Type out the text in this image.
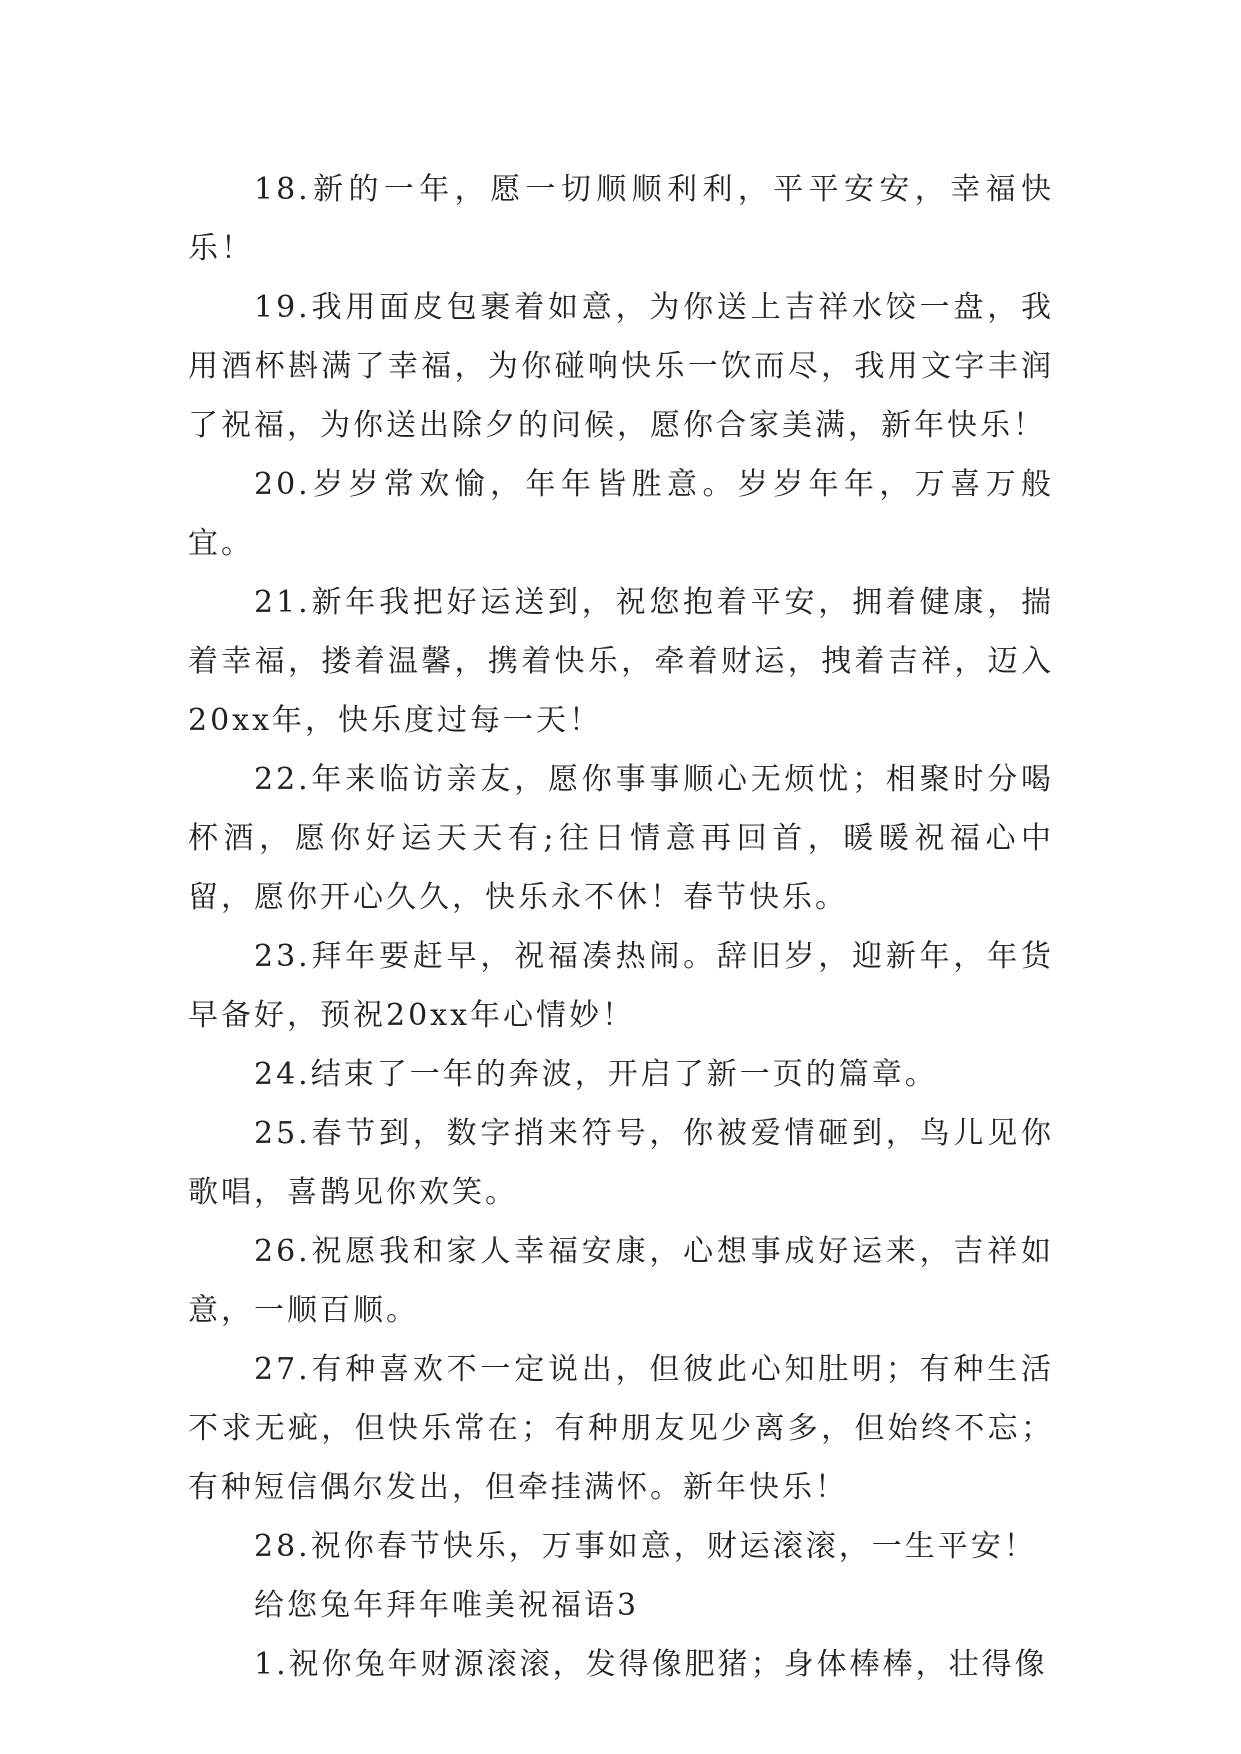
18.新的一年，愿一切顺顺利利，平平安安，幸福快乐！

19.我用面皮包裹着如意，为你送上吉祥水饺一盘，我用酒杯斟满了幸福，为你碰响快乐一饮而尽，我用文字丰润了祝福，为你送出除夕的问候，愿你合家美满，新年快乐！

20.岁岁常欢愉，年年皆胜意。岁岁年年，万喜万般宜。

21.新年我把好运送到，祝您抱着平安，拥着健康，揣着幸福，搂着温馨，携着快乐，牵着财运，拽着吉祥，迈入20xx年，快乐度过每一天！

22.年来临访亲友，愿你事事顺心无烦忧；相聚时分喝杯酒，愿你好运天天有;往日情意再回首，暖暖祝福心中留，愿你开心久久，快乐永不休！春节快乐。

23.拜年要赶早，祝福凑热闹。辞旧岁，迎新年，年货早备好，预祝20xx年心情妙！

24.结束了一年的奔波，开启了新一页的篇章。

25.春节到，数字捎来符号，你被爱情砸到，鸟儿见你歌唱，喜鹊见你欢笑。

26.祝愿我和家人幸福安康，心想事成好运来，吉祥如意，一顺百顺。

27.有种喜欢不一定说出，但彼此心知肚明；有种生活不求无疵，但快乐常在；有种朋友见少离多，但始终不忘；有种短信偶尔发出，但牵挂满怀。新年快乐！

28.祝你春节快乐，万事如意，财运滚滚，一生平安！

给您兔年拜年唯美祝福语3

1.祝你兔年财源滚滚，发得像肥猪；身体棒棒，壮得像
